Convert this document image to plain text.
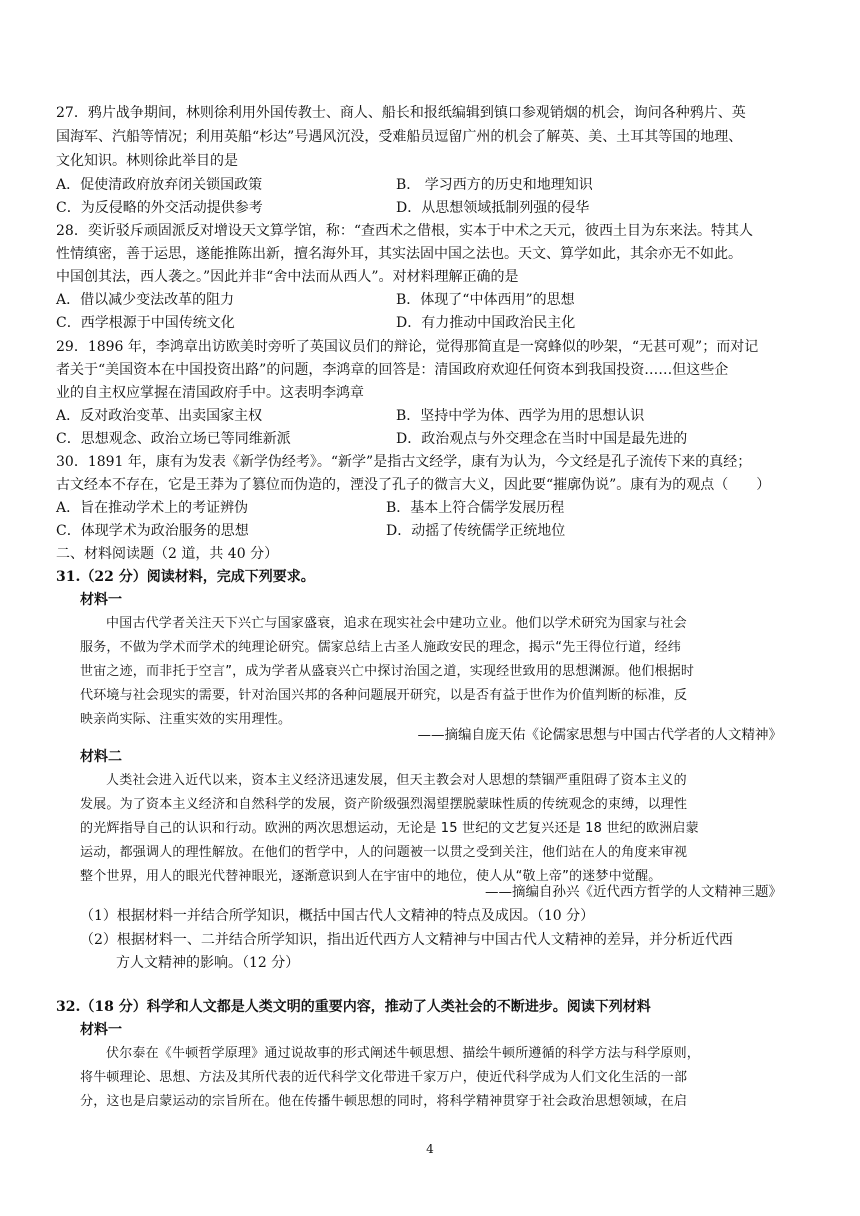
27．鸦片战争期间，林则徐利用外国传教士、商人、船长和报纸编辑到镇口参观销烟的机会，询问各种鸦片、英
国海军、汽船等情况；利用英船“杉达”号遇风沉没，受难船员逗留广州的机会了解英、美、土耳其等国的地理、
文化知识。林则徐此举目的是
A．促使清政府放弃闭关锁国政策	B． 学习西方的历史和地理知识
C．为反侵略的外交活动提供参考	D．从思想领域抵制列强的侵华
28．奕䜣驳斥顽固派反对增设天文算学馆，称：“查西术之借根，实本于中术之天元，彼西土目为东来法。特其人
性情缜密，善于运思，遂能推陈出新，擅名海外耳，其实法固中国之法也。天文、算学如此，其余亦无不如此。
中国创其法，西人袭之。”因此并非“舍中法而从西人”。对材料理解正确的是
A．借以减少变法改革的阻力	B．体现了“中体西用”的思想
C．西学根源于中国传统文化	D．有力推动中国政治民主化
29．1896 年，李鸿章出访欧美时旁听了英国议员们的辩论，觉得那简直是一窝蜂似的吵架，“无甚可观”；而对记
者关于“美国资本在中国投资出路”的问题，李鸿章的回答是：清国政府欢迎任何资本到我国投资……但这些企
业的自主权应掌握在清国政府手中。这表明李鸿章
A．反对政治变革、出卖国家主权	B．坚持中学为体、西学为用的思想认识
C．思想观念、政治立场已等同维新派	D．政治观点与外交理念在当时中国是最先进的
30．1891 年，康有为发表《新学伪经考》。“新学”是指古文经学，康有为认为，今文经是孔子流传下来的真经；
古文经本不存在，它是王莽为了篡位而伪造的，湮没了孔子的微言大义，因此要“摧廓伪说”。康有为的观点（　　）
A．旨在推动学术上的考证辨伪	B．基本上符合儒学发展历程
C．体现学术为政治服务的思想	D．动摇了传统儒学正统地位
二、材料阅读题（2 道，共 40 分）
31.（22 分）阅读材料，完成下列要求。
材料一
中国古代学者关注天下兴亡与国家盛衰，追求在现实社会中建功立业。他们以学术研究为国家与社会
服务，不做为学术而学术的纯理论研究。儒家总结上古圣人施政安民的理念，揭示“先王得位行道，经纬
世宙之迹，而非托于空言”，成为学者从盛衰兴亡中探讨治国之道，实现经世致用的思想渊源。他们根据时
代环境与社会现实的需要，针对治国兴邦的各种问题展开研究，以是否有益于世作为价值判断的标准，反
映亲尚实际、注重实效的实用理性。
——摘编自庞天佑《论儒家思想与中国古代学者的人文精神》
材料二
人类社会进入近代以来，资本主义经济迅速发展，但天主教会对人思想的禁锢严重阻碍了资本主义的
发展。为了资本主义经济和自然科学的发展，资产阶级强烈渴望摆脱蒙昧性质的传统观念的束缚，以理性
的光辉指导自己的认识和行动。欧洲的两次思想运动，无论是 15 世纪的文艺复兴还是 18 世纪的欧洲启蒙
运动，都强调人的理性解放。在他们的哲学中，人的问题被一以贯之受到关注，他们站在人的角度来审视
整个世界，用人的眼光代替神眼光，逐渐意识到人在宇宙中的地位，使人从“敬上帝”的迷梦中觉醒。
——摘编自孙兴《近代西方哲学的人文精神三题》
（1）根据材料一并结合所学知识，概括中国古代人文精神的特点及成因。（10 分）
（2）根据材料一、二并结合所学知识，指出近代西方人文精神与中国古代人文精神的差异，并分析近代西
方人文精神的影响。（12 分）
32.（18 分）科学和人文都是人类文明的重要内容，推动了人类社会的不断进步。阅读下列材料
材料一
伏尔泰在《牛顿哲学原理》通过说故事的形式阐述牛顿思想、描绘牛顿所遵循的科学方法与科学原则，
将牛顿理论、思想、方法及其所代表的近代科学文化带进千家万户，使近代科学成为人们文化生活的一部
分，这也是启蒙运动的宗旨所在。他在传播牛顿思想的同时，将科学精神贯穿于社会政治思想领域，在启
4
